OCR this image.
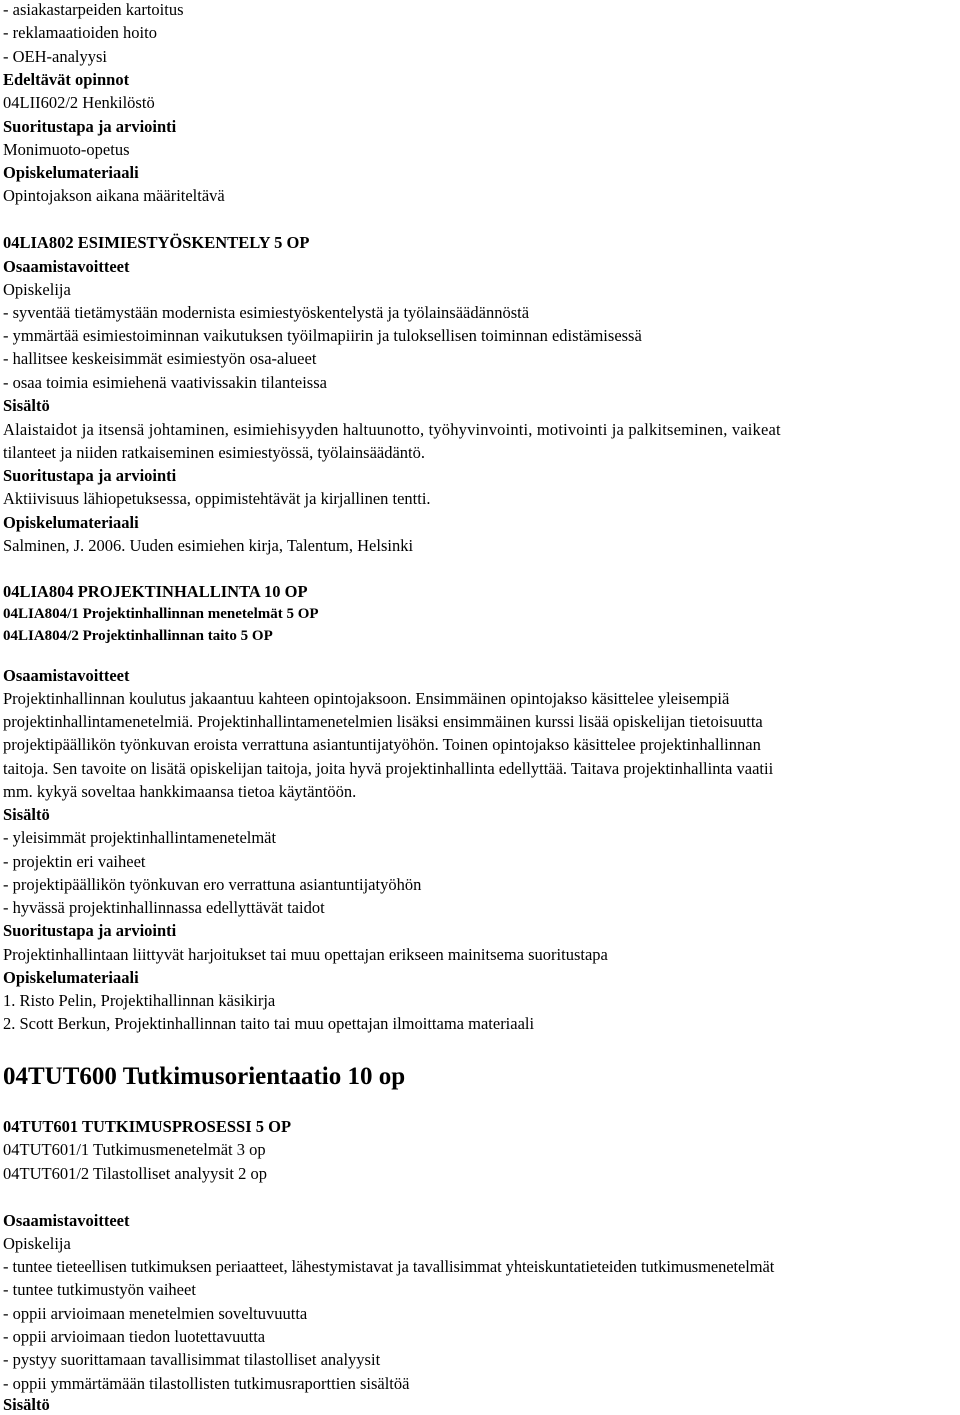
- asiakastarpeiden kartoitus
- reklamaatioiden hoito
- OEH-analyysi
Edeltävät opinnot
04LII602/2 Henkilöstö
Suoritustapa ja arviointi
Monimuoto-opetus
Opiskelumateriaali
Opintojakson aikana määriteltävä
04LIA802 ESIMIESTYÖSKENTELY 5 OP
Osaamistavoitteet
Opiskelija
- syventää tietämystään modernista esimiestyöskentelystä ja työlainsäädännöstä
- ymmärtää esimiestoiminnan vaikutuksen työilmapiirin ja tuloksellisen toiminnan edistämisessä
- hallitsee keskeisimmät esimiestyön osa-alueet
- osaa toimia esimiehenä vaativissakin tilanteissa
Sisältö
Alaistaidot ja itsensä johtaminen, esimiehisyyden haltuunotto, työhyvinvointi, motivointi ja palkitseminen, vaikeat
tilanteet ja niiden ratkaiseminen esimiestyössä, työlainsäädäntö.
Suoritustapa ja arviointi
Aktiivisuus lähiopetuksessa, oppimistehtävät ja kirjallinen tentti.
Opiskelumateriaali
Salminen, J. 2006. Uuden esimiehen kirja, Talentum, Helsinki
04LIA804 PROJEKTINHALLINTA 10 OP
04LIA804/1 Projektinhallinnan menetelmät 5 OP
04LIA804/2 Projektinhallinnan taito 5 OP
Osaamistavoitteet
Projektinhallinnan koulutus jakaantuu kahteen opintojaksoon. Ensimmäinen opintojakso käsittelee yleisempiä
projektinhallintamenetelmiä. Projektinhallintamenetelmien lisäksi ensimmäinen kurssi lisää opiskelijan tietoisuutta
projektipäällikön työnkuvan eroista verrattuna asiantuntijatyöhön. Toinen opintojakso käsittelee projektinhallinnan
taitoja. Sen tavoite on lisätä opiskelijan taitoja, joita hyvä projektinhallinta edellyttää. Taitava projektinhallinta vaatii
mm. kykyä soveltaa hankkimaansa tietoa käytäntöön.
Sisältö
- yleisimmät projektinhallintamenetelmät
- projektin eri vaiheet
- projektipäällikön työnkuvan ero verrattuna asiantuntijatyöhön
- hyvässä projektinhallinnassa edellyttävät taidot
Suoritustapa ja arviointi
Projektinhallintaan liittyvät harjoitukset tai muu opettajan erikseen mainitsema suoritustapa
Opiskelumateriaali
1. Risto Pelin, Projektihallinnan käsikirja
2. Scott Berkun, Projektinhallinnan taito tai muu opettajan ilmoittama materiaali
04TUT600 Tutkimusorientaatio 10 op
04TUT601 TUTKIMUSPROSESSI 5 OP
04TUT601/1 Tutkimusmenetelmät 3 op
04TUT601/2 Tilastolliset analyysit 2 op
Osaamistavoitteet
Opiskelija
- tuntee tieteellisen tutkimuksen periaatteet, lähestymistavat ja tavallisimmat yhteiskuntatieteiden tutkimusmenetelmät
- tuntee tutkimustyön vaiheet
- oppii arvioimaan menetelmien soveltuvuutta
- oppii arvioimaan tiedon luotettavuutta
- pystyy suorittamaan tavallisimmat tilastolliset analyysit
- oppii ymmärtämään tilastollisten tutkimusraporttien sisältöä
Sisältö
